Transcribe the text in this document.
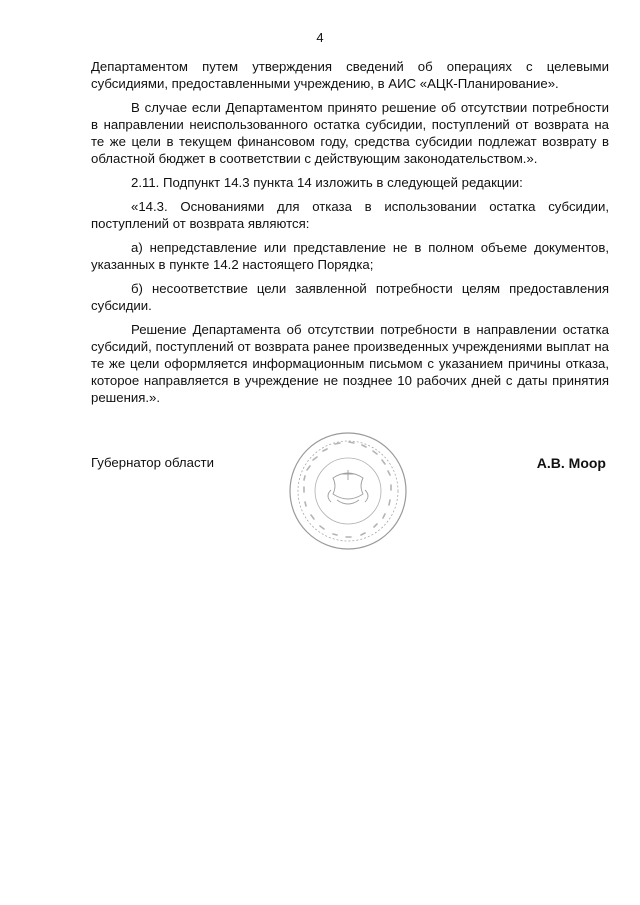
4

Департаментом путем утверждения сведений об операциях с целевыми субсидиями, предоставленными учреждению, в АИС «АЦК-Планирование».

В случае если Департаментом принято решение об отсутствии потребности в направлении неиспользованного остатка субсидии, поступлений от возврата на те же цели в текущем финансовом году, средства субсидии подлежат возврату в областной бюджет в соответствии с действующим законодательством.».

2.11. Подпункт 14.3 пункта 14 изложить в следующей редакции:

«14.3. Основаниями для отказа в использовании остатка субсидии, поступлений от возврата являются:

а) непредставление или представление не в полном объеме документов, указанных в пункте 14.2 настоящего Порядка;

б) несоответствие цели заявленной потребности целям предоставления субсидии.

Решение Департамента об отсутствии потребности в направлении остатка субсидий, поступлений от возврата ранее произведенных учреждениями выплат на те же цели оформляется информационным письмом с указанием причины отказа, которое направляется в учреждение не позднее 10 рабочих дней с даты принятия решения.».

Губернатор области	А.В. Моор
